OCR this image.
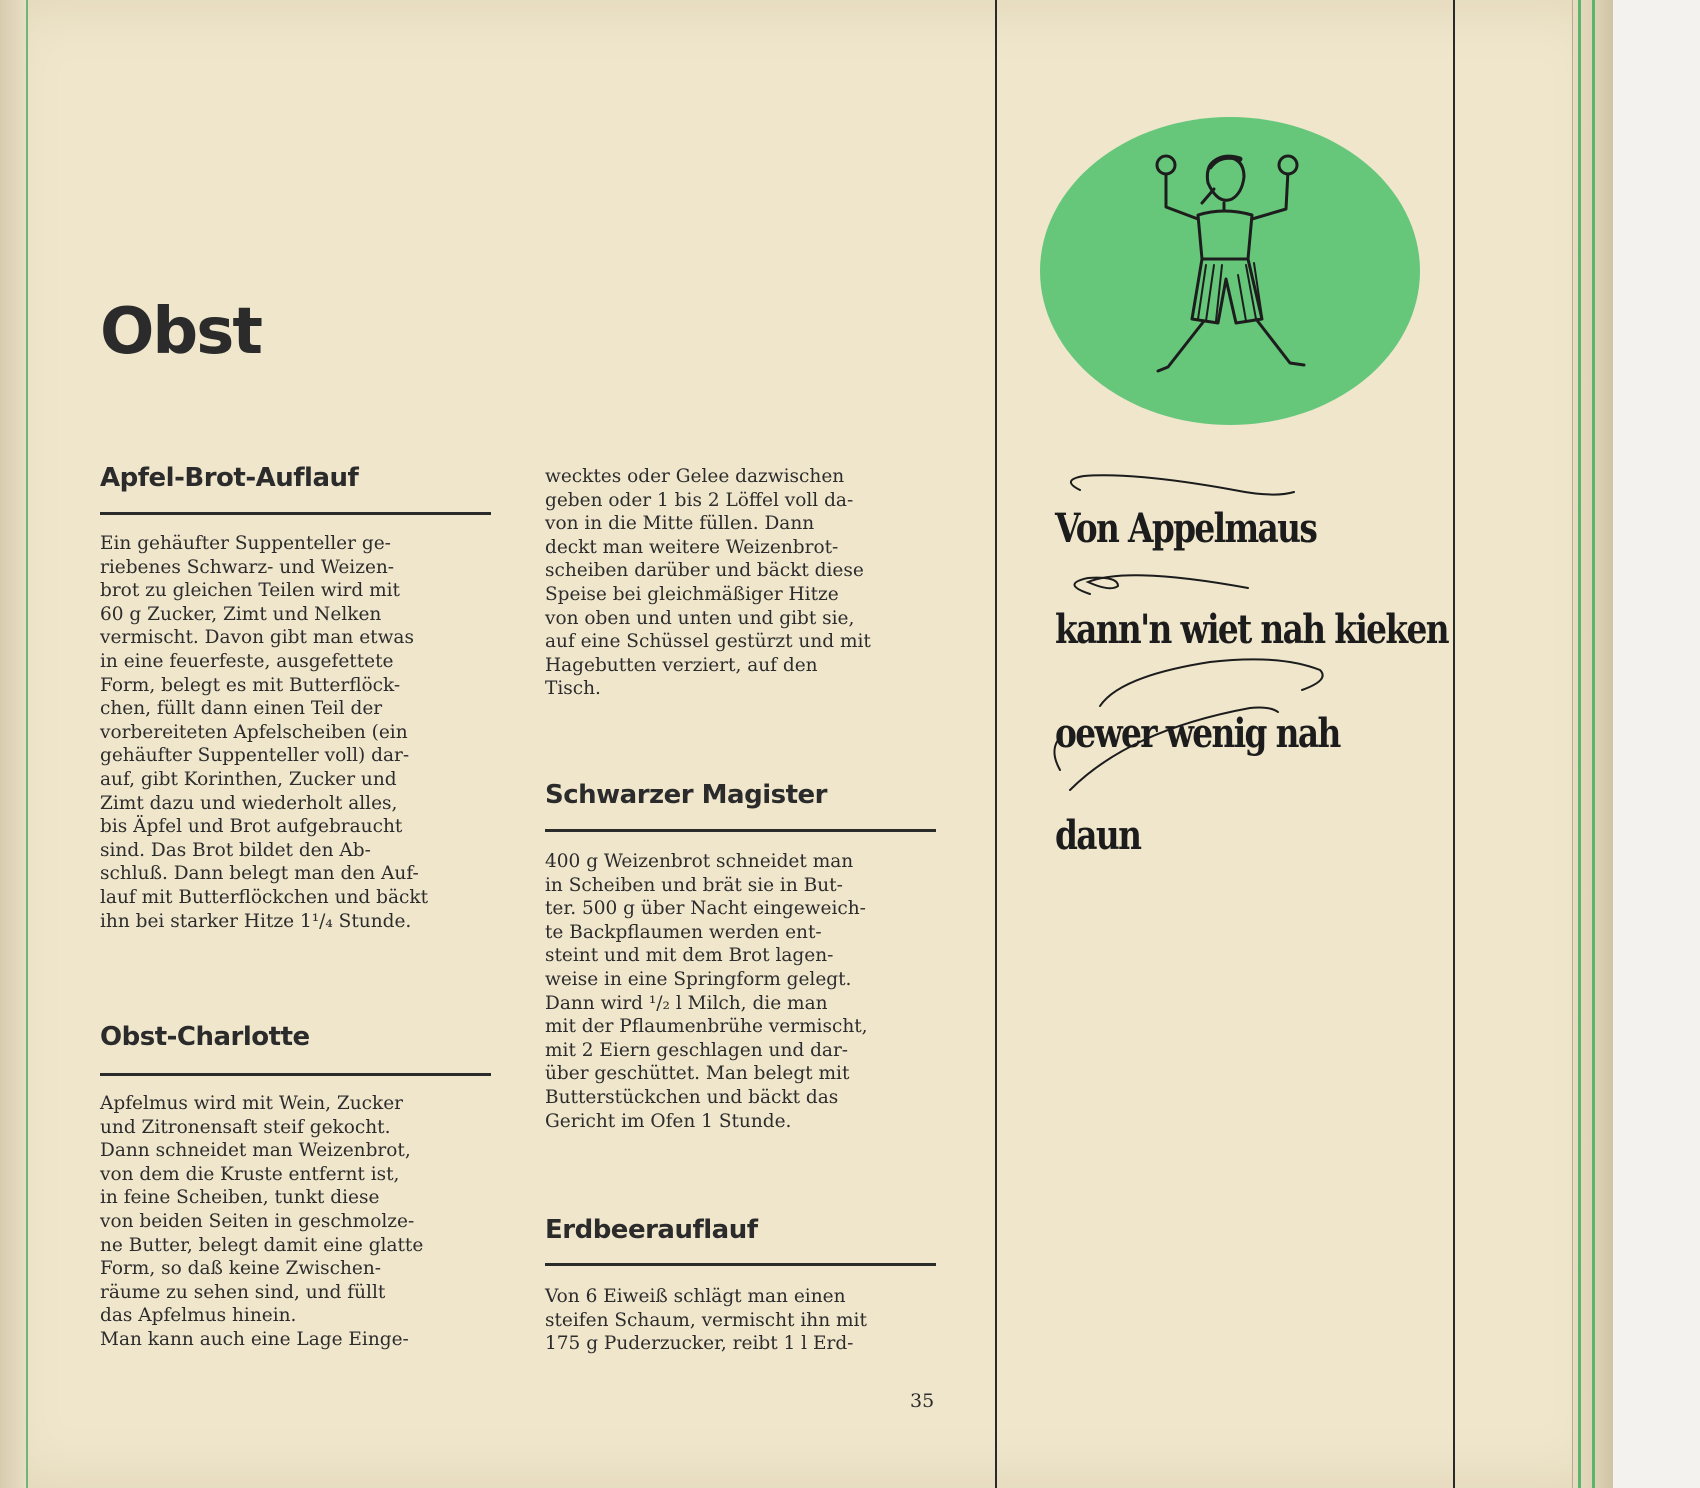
Obst
Apfel-Brot-Auflauf

Ein gehäufter Suppenteller ge-
riebenes Schwarz- und Weizen-
brot zu gleichen Teilen wird mit
60 g Zucker, Zimt und Nelken
vermischt. Davon gibt man etwas
in eine feuerfeste, ausgefettete
Form, belegt es mit Butterflöck-
chen, füllt dann einen Teil der
vorbereiteten Apfelscheiben (ein
gehäufter Suppenteller voll) dar-
auf, gibt Korinthen, Zucker und
Zimt dazu und wiederholt alles,
bis Äpfel und Brot aufgebraucht
sind. Das Brot bildet den Ab-
schluß. Dann belegt man den Auf-
lauf mit Butterflöckchen und bäckt
ihn bei starker Hitze 1¹/₄ Stunde.

Obst-Charlotte

Apfelmus wird mit Wein, Zucker
und Zitronensaft steif gekocht.
Dann schneidet man Weizenbrot,
von dem die Kruste entfernt ist,
in feine Scheiben, tunkt diese
von beiden Seiten in geschmolze-
ne Butter, belegt damit eine glatte
Form, so daß keine Zwischen-
räume zu sehen sind, und füllt
das Apfelmus hinein.
Man kann auch eine Lage Einge-

wecktes oder Gelee dazwischen
geben oder 1 bis 2 Löffel voll da-
von in die Mitte füllen. Dann
deckt man weitere Weizenbrot-
scheiben darüber und bäckt diese
Speise bei gleichmäßiger Hitze
von oben und unten und gibt sie,
auf eine Schüssel gestürzt und mit
Hagebutten verziert, auf den
Tisch.

Schwarzer Magister

400 g Weizenbrot schneidet man
in Scheiben und brät sie in But-
ter. 500 g über Nacht eingeweich-
te Backpflaumen werden ent-
steint und mit dem Brot lagen-
weise in eine Springform gelegt.
Dann wird ¹/₂ l Milch, die man
mit der Pflaumenbrühe vermischt,
mit 2 Eiern geschlagen und dar-
über geschüttet. Man belegt mit
Butterstückchen und bäckt das
Gericht im Ofen 1 Stunde.

Erdbeerauflauf

Von 6 Eiweiß schlägt man einen
steifen Schaum, vermischt ihn mit
175 g Puderzucker, reibt 1 l Erd-

35

Von Appelmaus

kann'n wiet nah kieken

oewer wenig nah

daun
